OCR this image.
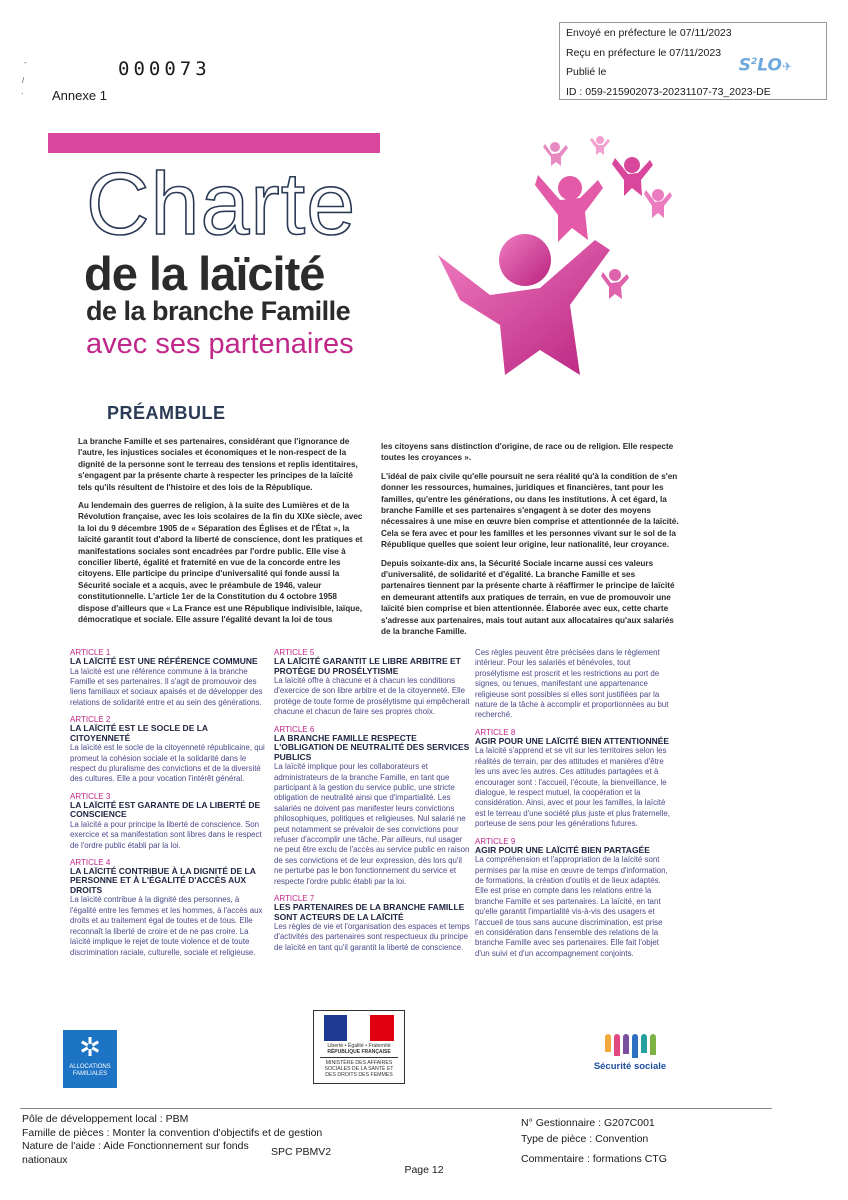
Envoyé en préfecture le 07/11/2023
Reçu en préfecture le 07/11/2023
Publié le
ID : 059-215902073-20231107-73_2023-DE
$S^2LO✈$
-
/
`
000073
Annexe 1
Charte
de la laïcité
de la branche Famille
avec ses partenaires
PRÉAMBULE

La branche Famille et ses partenaires, considérant que l'ignorance de l'autre, les injustices sociales et économiques et le non-respect de la dignité de la personne sont le terreau des tensions et replis identitaires, s'engagent par la présente charte à respecter les principes de la laïcité tels qu'ils résultent de l'histoire et des lois de la République.

Au lendemain des guerres de religion, à la suite des Lumières et de la Révolution française, avec les lois scolaires de la fin du XIXe siècle, avec la loi du 9 décembre 1905 de « Séparation des Églises et de l'État », la laïcité garantit tout d'abord la liberté de conscience, dont les pratiques et manifestations sociales sont encadrées par l'ordre public. Elle vise à concilier liberté, égalité et fraternité en vue de la concorde entre les citoyens. Elle participe du principe d'universalité qui fonde aussi la Sécurité sociale et a acquis, avec le préambule de 1946, valeur constitutionnelle. L'article 1er de la Constitution du 4 octobre 1958 dispose d'ailleurs que « La France est une République indivisible, laïque, démocratique et sociale. Elle assure l'égalité devant la loi de tous

les citoyens sans distinction d'origine, de race ou de religion. Elle respecte toutes les croyances ».

L'idéal de paix civile qu'elle poursuit ne sera réalité qu'à la condition de s'en donner les ressources, humaines, juridiques et financières, tant pour les familles, qu'entre les générations, ou dans les institutions. À cet égard, la branche Famille et ses partenaires s'engagent à se doter des moyens nécessaires à une mise en œuvre bien comprise et attentionnée de la laïcité. Cela se fera avec et pour les familles et les personnes vivant sur le sol de la République quelles que soient leur origine, leur nationalité, leur croyance.

Depuis soixante-dix ans, la Sécurité Sociale incarne aussi ces valeurs d'universalité, de solidarité et d'égalité. La branche Famille et ses partenaires tiennent par la présente charte à réaffirmer le principe de laïcité en demeurant attentifs aux pratiques de terrain, en vue de promouvoir une laïcité bien comprise et bien attentionnée. Élaborée avec eux, cette charte s'adresse aux partenaires, mais tout autant aux allocataires qu'aux salariés de la branche Famille.

ARTICLE 1
LA LAÏCITÉ EST UNE RÉFÉRENCE COMMUNE
La laïcité est une référence commune à la branche Famille et ses partenaires. Il s'agit de promouvoir des liens familiaux et sociaux apaisés et de développer des relations de solidarité entre et au sein des générations.
ARTICLE 2
LA LAÏCITÉ EST LE SOCLE DE LA CITOYENNETÉ
La laïcité est le socle de la citoyenneté républicaine, qui promeut la cohésion sociale et la solidarité dans le respect du pluralisme des convictions et de la diversité des cultures. Elle a pour vocation l'intérêt général.
ARTICLE 3
LA LAÏCITÉ EST GARANTE DE LA LIBERTÉ DE CONSCIENCE
La laïcité a pour principe la liberté de conscience. Son exercice et sa manifestation sont libres dans le respect de l'ordre public établi par la loi.
ARTICLE 4
LA LAÏCITÉ CONTRIBUE À LA DIGNITÉ DE LA PERSONNE ET À L'ÉGALITÉ D'ACCÈS AUX DROITS
La laïcité contribue à la dignité des personnes, à l'égalité entre les femmes et les hommes, à l'accès aux droits et au traitement égal de toutes et de tous. Elle reconnaît la liberté de croire et de ne pas croire. La laïcité implique le rejet de toute violence et de toute discrimination raciale, culturelle, sociale et religieuse.
ARTICLE 5
LA LAÏCITÉ GARANTIT LE LIBRE ARBITRE ET PROTÈGE DU PROSÉLYTISME
La laïcité offre à chacune et à chacun les conditions d'exercice de son libre arbitre et de la citoyenneté. Elle protège de toute forme de prosélytisme qui empêcherait chacune et chacun de faire ses propres choix.
ARTICLE 6
LA BRANCHE FAMILLE RESPECTE L'OBLIGATION DE NEUTRALITÉ DES SERVICES PUBLICS
La laïcité implique pour les collaborateurs et administrateurs de la branche Famille, en tant que participant à la gestion du service public, une stricte obligation de neutralité ainsi que d'impartialité. Les salariés ne doivent pas manifester leurs convictions philosophiques, politiques et religieuses. Nul salarié ne peut notamment se prévaloir de ses convictions pour refuser d'accomplir une tâche. Par ailleurs, nul usager ne peut être exclu de l'accès au service public en raison de ses convictions et de leur expression, dès lors qu'il ne perturbe pas le bon fonctionnement du service et respecte l'ordre public établi par la loi.
ARTICLE 7
LES PARTENAIRES DE LA BRANCHE FAMILLE SONT ACTEURS DE LA LAÏCITÉ
Les règles de vie et l'organisation des espaces et temps d'activités des partenaires sont respectueux du principe de laïcité en tant qu'il garantit la liberté de conscience.
Ces règles peuvent être précisées dans le règlement intérieur. Pour les salariés et bénévoles, tout prosélytisme est proscrit et les restrictions au port de signes, ou tenues, manifestant une appartenance religieuse sont possibles si elles sont justifiées par la nature de la tâche à accomplir et proportionnées au but recherché.
ARTICLE 8
AGIR POUR UNE LAÏCITÉ BIEN ATTENTIONNÉE
La laïcité s'apprend et se vit sur les territoires selon les réalités de terrain, par des attitudes et manières d'être les uns avec les autres. Ces attitudes partagées et à encourager sont : l'accueil, l'écoute, la bienveillance, le dialogue, le respect mutuel, la coopération et la considération. Ainsi, avec et pour les familles, la laïcité est le terreau d'une société plus juste et plus fraternelle, porteuse de sens pour les générations futures.
ARTICLE 9
AGIR POUR UNE LAÏCITÉ BIEN PARTAGÉE
La compréhension et l'appropriation de la laïcité sont permises par la mise en œuvre de temps d'information, de formations, la création d'outils et de lieux adaptés. Elle est prise en compte dans les relations entre la branche Famille et ses partenaires. La laïcité, en tant qu'elle garantit l'impartialité vis-à-vis des usagers et l'accueil de tous sans aucune discrimination, est prise en considération dans l'ensemble des relations de la branche Famille avec ses partenaires. Elle fait l'objet d'un suivi et d'un accompagnement conjoints.
✲
ALLOCATIONS FAMILIALES
Liberté • Égalité • Fraternité
RÉPUBLIQUE FRANÇAISE
MINISTÈRE DES AFFAIRES SOCIALES DE LA SANTÉ ET DES DROITS DES FEMMES
Sécurité sociale
Pôle de développement local : PBM
Famille de pièces : Monter la convention d'objectifs et de gestion
Nature de l'aide : Aide Fonctionnement sur fonds nationaux
SPC PBMV2
N° Gestionnaire : G207C001
Type de pièce : Convention
Commentaire : formations CTG
Page 12
